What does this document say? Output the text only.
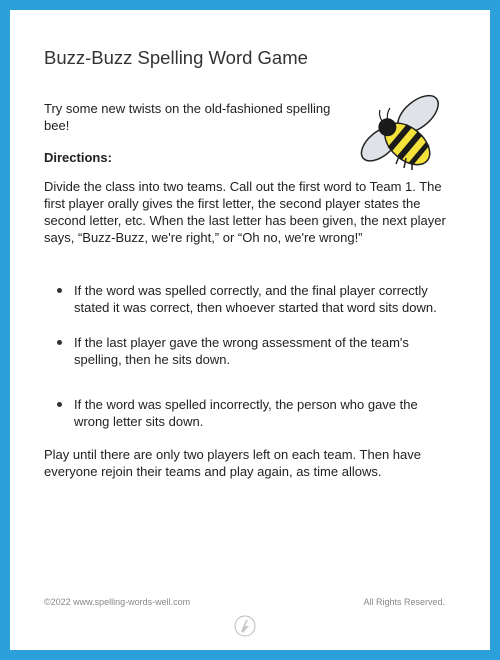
Buzz-Buzz Spelling Word Game

Try some new twists on the old-fashioned spelling bee!

Directions:

Divide the class into two teams. Call out the first word to Team 1. The first player orally gives the first letter, the second player states the second letter, etc. When the last letter has been given, the next player says, “Buzz-Buzz, we're right,” or “Oh no, we're wrong!”

If the word was spelled correctly, and the final player correctly stated it was correct, then whoever started that word sits down.
If the last player gave the wrong assessment of the team's spelling, then he sits down.
If the word was spelled incorrectly, the person who gave the wrong letter sits down.

Play until there are only two players left on each team. Then have everyone rejoin their teams and play again, as time allows.

©2022 www.spelling-words-well.com	All Rights Reserved.
